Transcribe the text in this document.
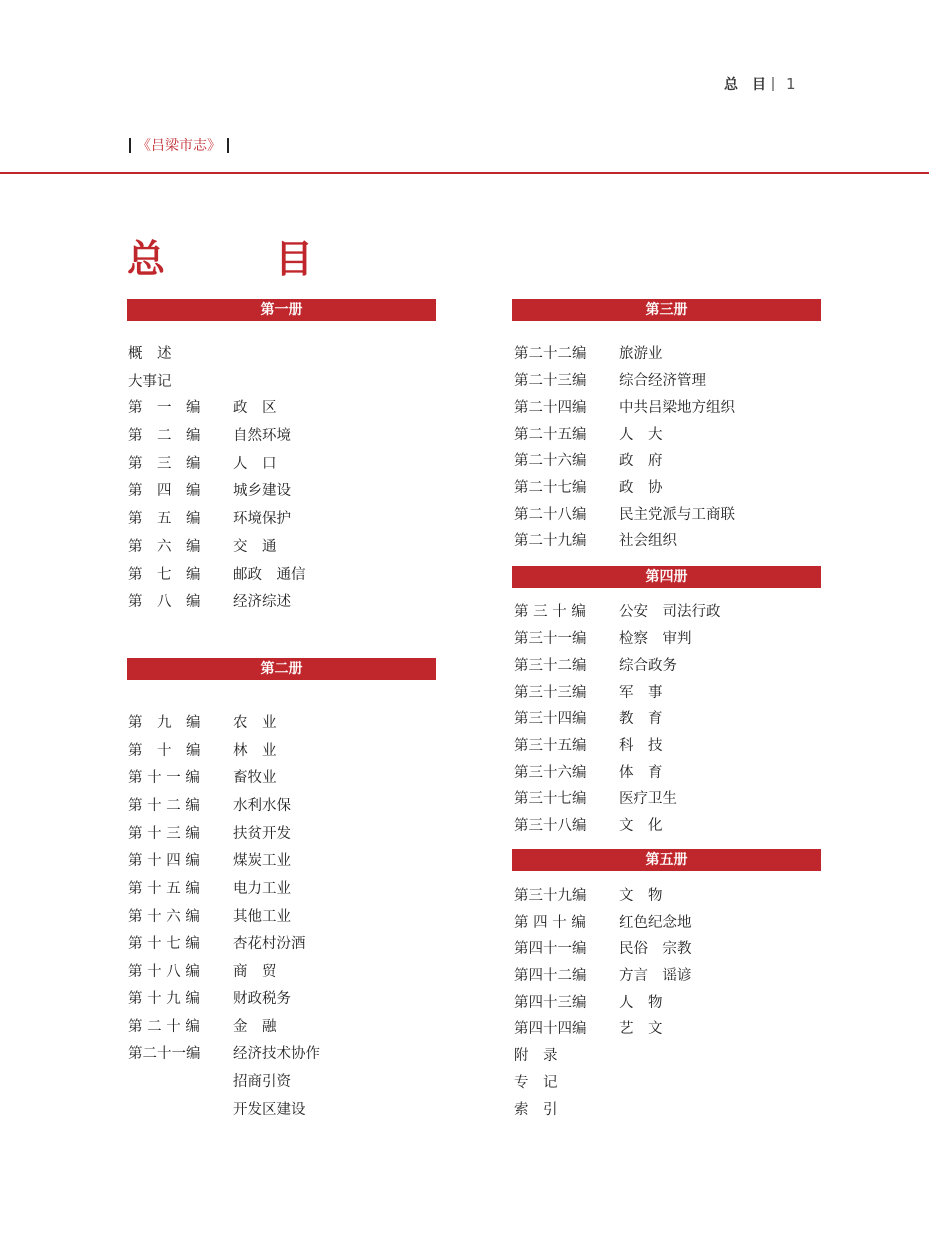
总　目 1
《吕梁市志》
总　目
第一册
第二册
第三册
第四册
第五册
概　述
大事记
第　一　编 政　区
第　二　编 自然环境
第　三　编 人　口
第　四　编 城乡建设
第　五　编 环境保护
第　六　编 交　通
第　七　编 邮政　通信
第　八　编 经济综述
第　九　编 农　业
第　十　编 林　业
第 十 一 编 畜牧业
第 十 二 编 水利水保
第 十 三 编 扶贫开发
第 十 四 编 煤炭工业
第 十 五 编 电力工业
第 十 六 编 其他工业
第 十 七 编 杏花村汾酒
第 十 八 编 商　贸
第 十 九 编 财政税务
第 二 十 编 金　融
第二十一编 经济技术协作
招商引资
开发区建设
第二十二编 旅游业
第二十三编 综合经济管理
第二十四编 中共吕梁地方组织
第二十五编 人　大
第二十六编 政　府
第二十七编 政　协
第二十八编 民主党派与工商联
第二十九编 社会组织
第 三 十 编 公安　司法行政
第三十一编 检察　审判
第三十二编 综合政务
第三十三编 军　事
第三十四编 教　育
第三十五编 科　技
第三十六编 体　育
第三十七编 医疗卫生
第三十八编 文　化
第三十九编 文　物
第 四 十 编 红色纪念地
第四十一编 民俗　宗教
第四十二编 方言　谣谚
第四十三编 人　物
第四十四编 艺　文
附　录
专　记
索　引
